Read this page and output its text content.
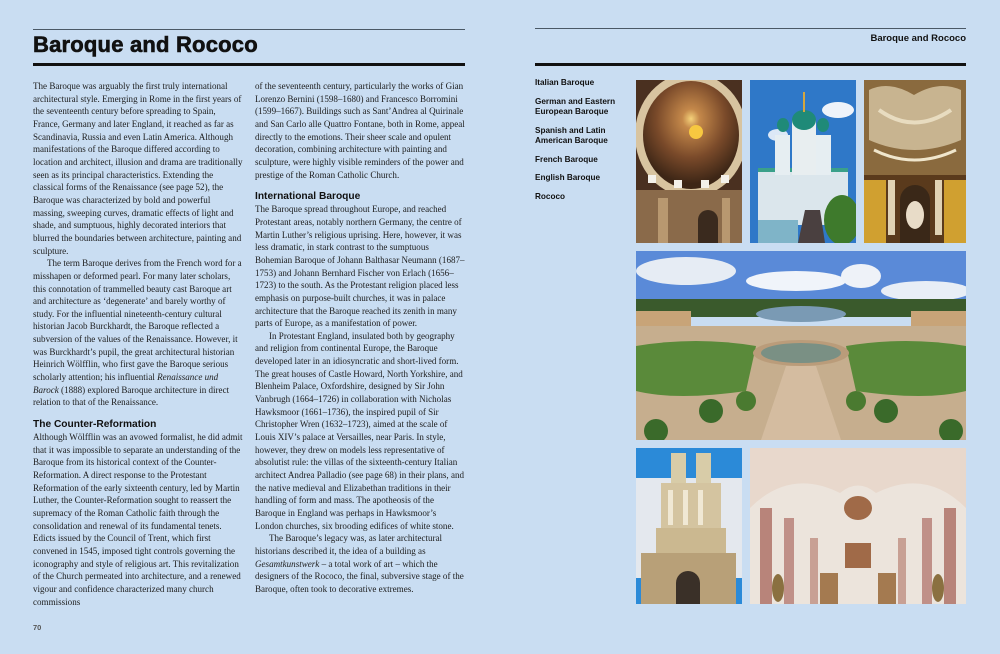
Baroque and Rococo

The Baroque was arguably the first truly international architectural style. Emerging in Rome in the first years of the seventeenth century before spreading to Spain, France, Germany and later England, it reached as far as Scandinavia, Russia and even Latin America. Although manifestations of the Baroque differed according to location and architect, illusion and drama are traditionally seen as its principal characteristics. Extending the classical forms of the Renaissance (see page 52), the Baroque was characterized by bold and powerful massing, sweeping curves, dramatic effects of light and shade, and sumptuous, highly decorated interiors that blurred the boundaries between architecture, painting and sculpture.

The term Baroque derives from the French word for a misshapen or deformed pearl. For many later scholars, this connotation of trammelled beauty cast Baroque art and architecture as ‘degenerate’ and barely worthy of study. For the influential nineteenth-century cultural historian Jacob Burckhardt, the Baroque reflected a subversion of the values of the Renaissance. However, it was Burckhardt’s pupil, the great architectural historian Heinrich Wölfflin, who first gave the Baroque serious scholarly attention; his influential Renaissance und Barock (1888) explored Baroque architecture in direct relation to that of the Renaissance.

The Counter-Reformation

Although Wölfflin was an avowed formalist, he did admit that it was impossible to separate an understanding of the Baroque from its historical context of the Counter-Reformation. A direct response to the Protestant Reformation of the early sixteenth century, led by Martin Luther, the Counter-Reformation sought to reassert the supremacy of the Roman Catholic faith through the consolidation and renewal of its fundamental tenets. Edicts issued by the Council of Trent, which first convened in 1545, imposed tight controls governing the iconography and style of religious art. This revitalization of the Church permeated into architecture, and a renewed vigour and confidence characterized many church commissions

of the seventeenth century, particularly the works of Gian Lorenzo Bernini (1598–1680) and Francesco Borromini (1599–1667). Buildings such as Sant’Andrea al Quirinale and San Carlo alle Quattro Fontane, both in Rome, appeal directly to the emotions. Their sheer scale and opulent decoration, combining architecture with painting and sculpture, were highly visible reminders of the power and prestige of the Roman Catholic Church.

International Baroque

The Baroque spread throughout Europe, and reached Protestant areas, notably northern Germany, the centre of Martin Luther’s religious uprising. Here, however, it was less dramatic, in stark contrast to the sumptuous Bohemian Baroque of Johann Balthasar Neumann (1687–1753) and Johann Bernhard Fischer von Erlach (1656–1723) to the south. As the Protestant religion placed less emphasis on purpose-built churches, it was in palace architecture that the Baroque reached its zenith in many parts of Europe, as a manifestation of power.

In Protestant England, insulated both by geography and religion from continental Europe, the Baroque developed later in an idiosyncratic and short-lived form. The great houses of Castle Howard, North Yorkshire, and Blenheim Palace, Oxfordshire, designed by Sir John Vanbrugh (1664–1726) in collaboration with Nicholas Hawksmoor (1661–1736), the inspired pupil of Sir Christopher Wren (1632–1723), aimed at the scale of Louis XIV’s palace at Versailles, near Paris. In style, however, they drew on models less representative of absolutist rule: the villas of the sixteenth-century Italian architect Andrea Palladio (see page 68) in their plans, and the native medieval and Elizabethan traditions in their handling of form and mass. The apotheosis of the Baroque in England was perhaps in Hawksmoor’s London churches, six brooding edifices of white stone.

The Baroque’s legacy was, as later architectural historians described it, the idea of a building as Gesamtkunstwerk – a total work of art – which the designers of the Rococo, the final, subversive stage of the Baroque, often took to decorative extremes.

70
Baroque and Rococo
Italian Baroque
German and Eastern European Baroque
Spanish and Latin American Baroque
French Baroque
English Baroque
Rococo
